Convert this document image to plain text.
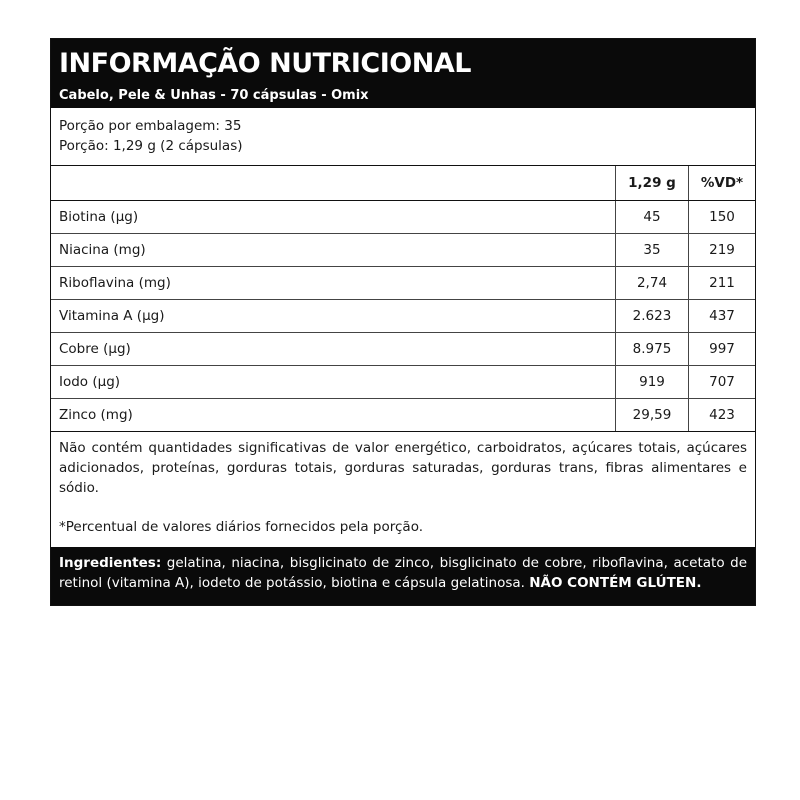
INFORMAÇÃO NUTRICIONAL
Cabelo, Pele & Unhas - 70 cápsulas - Omix
Porção por embalagem: 35
Porção: 1,29 g (2 cápsulas)
	1,29 g	%VD*
Biotina (µg)	45	150
Niacina (mg)	35	219
Riboflavina (mg)	2,74	211
Vitamina A (µg)	2.623	437
Cobre (µg)	8.975	997
Iodo (µg)	919	707
Zinco (mg)	29,59	423
Não contém quantidades significativas de valor energético, carboidratos, açúcares totais, açúcares adicionados, proteínas, gorduras totais, gorduras saturadas, gorduras trans, fibras alimentares e sódio.
*Percentual de valores diários fornecidos pela porção.
Ingredientes: gelatina, niacina, bisglicinato de zinco, bisglicinato de cobre, riboflavina, acetato de retinol (vitamina A), iodeto de potássio, biotina e cápsula gelatinosa. NÃO CONTÉM GLÚTEN.
